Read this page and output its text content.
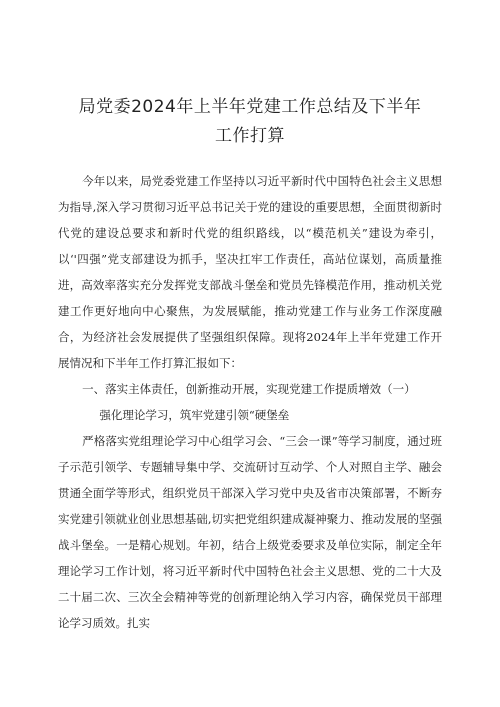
局党委2024年上半年党建工作总结及下半年
工作打算

今年以来，局党委党建工作坚持以习近平新时代中国特色社会主义思想为指导,深入学习贯彻习近平总书记关于党的建设的重要思想，全面贯彻新时代党的建设总要求和新时代党的组织路线，以“模范机关”建设为牵引，以‘'四强”党支部建设为抓手，坚决扛牢工作责任，高站位谋划，高质量推进，高效率落实充分发挥党支部战斗堡垒和党员先锋模范作用，推动机关党建工作更好地向中心聚焦，为发展赋能，推动党建工作与业务工作深度融合，为经济社会发展提供了坚强组织保障。现将2024年上半年党建工作开展情况和下半年工作打算汇报如下：

一、落实主体责任，创新推动开展，实现党建工作提质增效（一）

强化理论学习，筑牢党建引领“硬堡垒

严格落实党组理论学习中心组学习会、“三会一课”等学习制度，通过班子示范引领学、专题辅导集中学、交流研讨互动学、个人对照自主学、融会贯通全面学等形式，组织党员干部深入学习党中央及省市决策部署，不断夯实党建引领就业创业思想基础,切实把党组织建成凝神聚力、推动发展的坚强战斗堡垒。一是精心规划。年初，结合上级党委要求及单位实际，制定全年理论学习工作计划，将习近平新时代中国特色社会主义思想、党的二十大及二十届二次、三次全会精神等党的创新理论纳入学习内容，确保党员干部理论学习质效。扎实
